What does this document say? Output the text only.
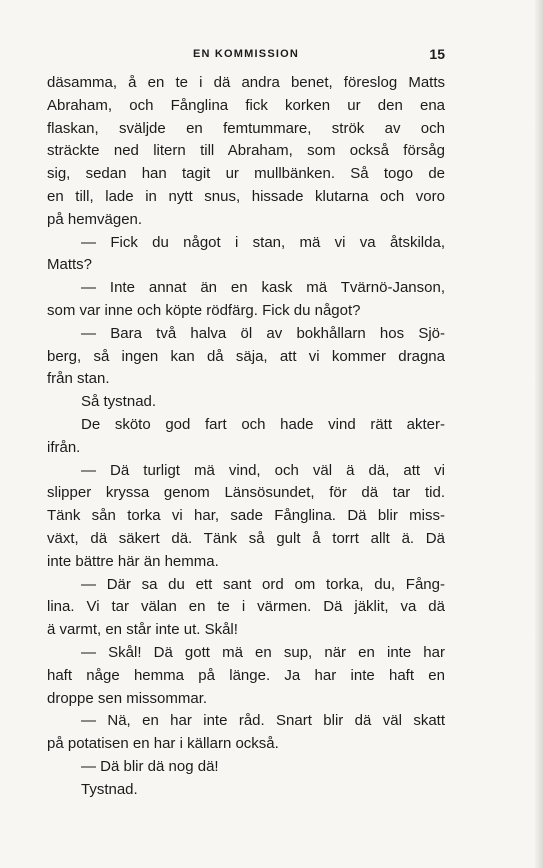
EN KOMMISSION	15
däsamma, å en te i dä andra benet, föreslog Matts
Abraham, och Fånglina fick korken ur den ena
flaskan, sväljde en femtummare, strök av och
sträckte ned litern till Abraham, som också försåg
sig, sedan han tagit ur mullbänken. Så togo de
en till, lade in nytt snus, hissade klutarna och voro
på hemvägen.
— Fick du något i stan, mä vi va åtskilda,
Matts?
— Inte annat än en kask mä Tvärnö-Janson,
som var inne och köpte rödfärg. Fick du något?
— Bara två halva öl av bokhållarn hos Sjö-
berg, så ingen kan då säja, att vi kommer dragna
från stan.
Så tystnad.
De sköto god fart och hade vind rätt akter-
ifrån.
— Dä turligt mä vind, och väl ä dä, att vi
slipper kryssa genom Länsösundet, för dä tar tid.
Tänk sån torka vi har, sade Fånglina. Dä blir miss-
växt, dä säkert dä. Tänk så gult å torrt allt ä. Dä
inte bättre här än hemma.
— Där sa du ett sant ord om torka, du, Fång-
lina. Vi tar välan en te i värmen. Dä jäklit, va dä
ä varmt, en står inte ut. Skål!
— Skål! Dä gott mä en sup, när en inte har
haft någe hemma på länge. Ja har inte haft en
droppe sen missommar.
— Nä, en har inte råd. Snart blir dä väl skatt
på potatisen en har i källarn också.
— Dä blir dä nog dä!
Tystnad.
